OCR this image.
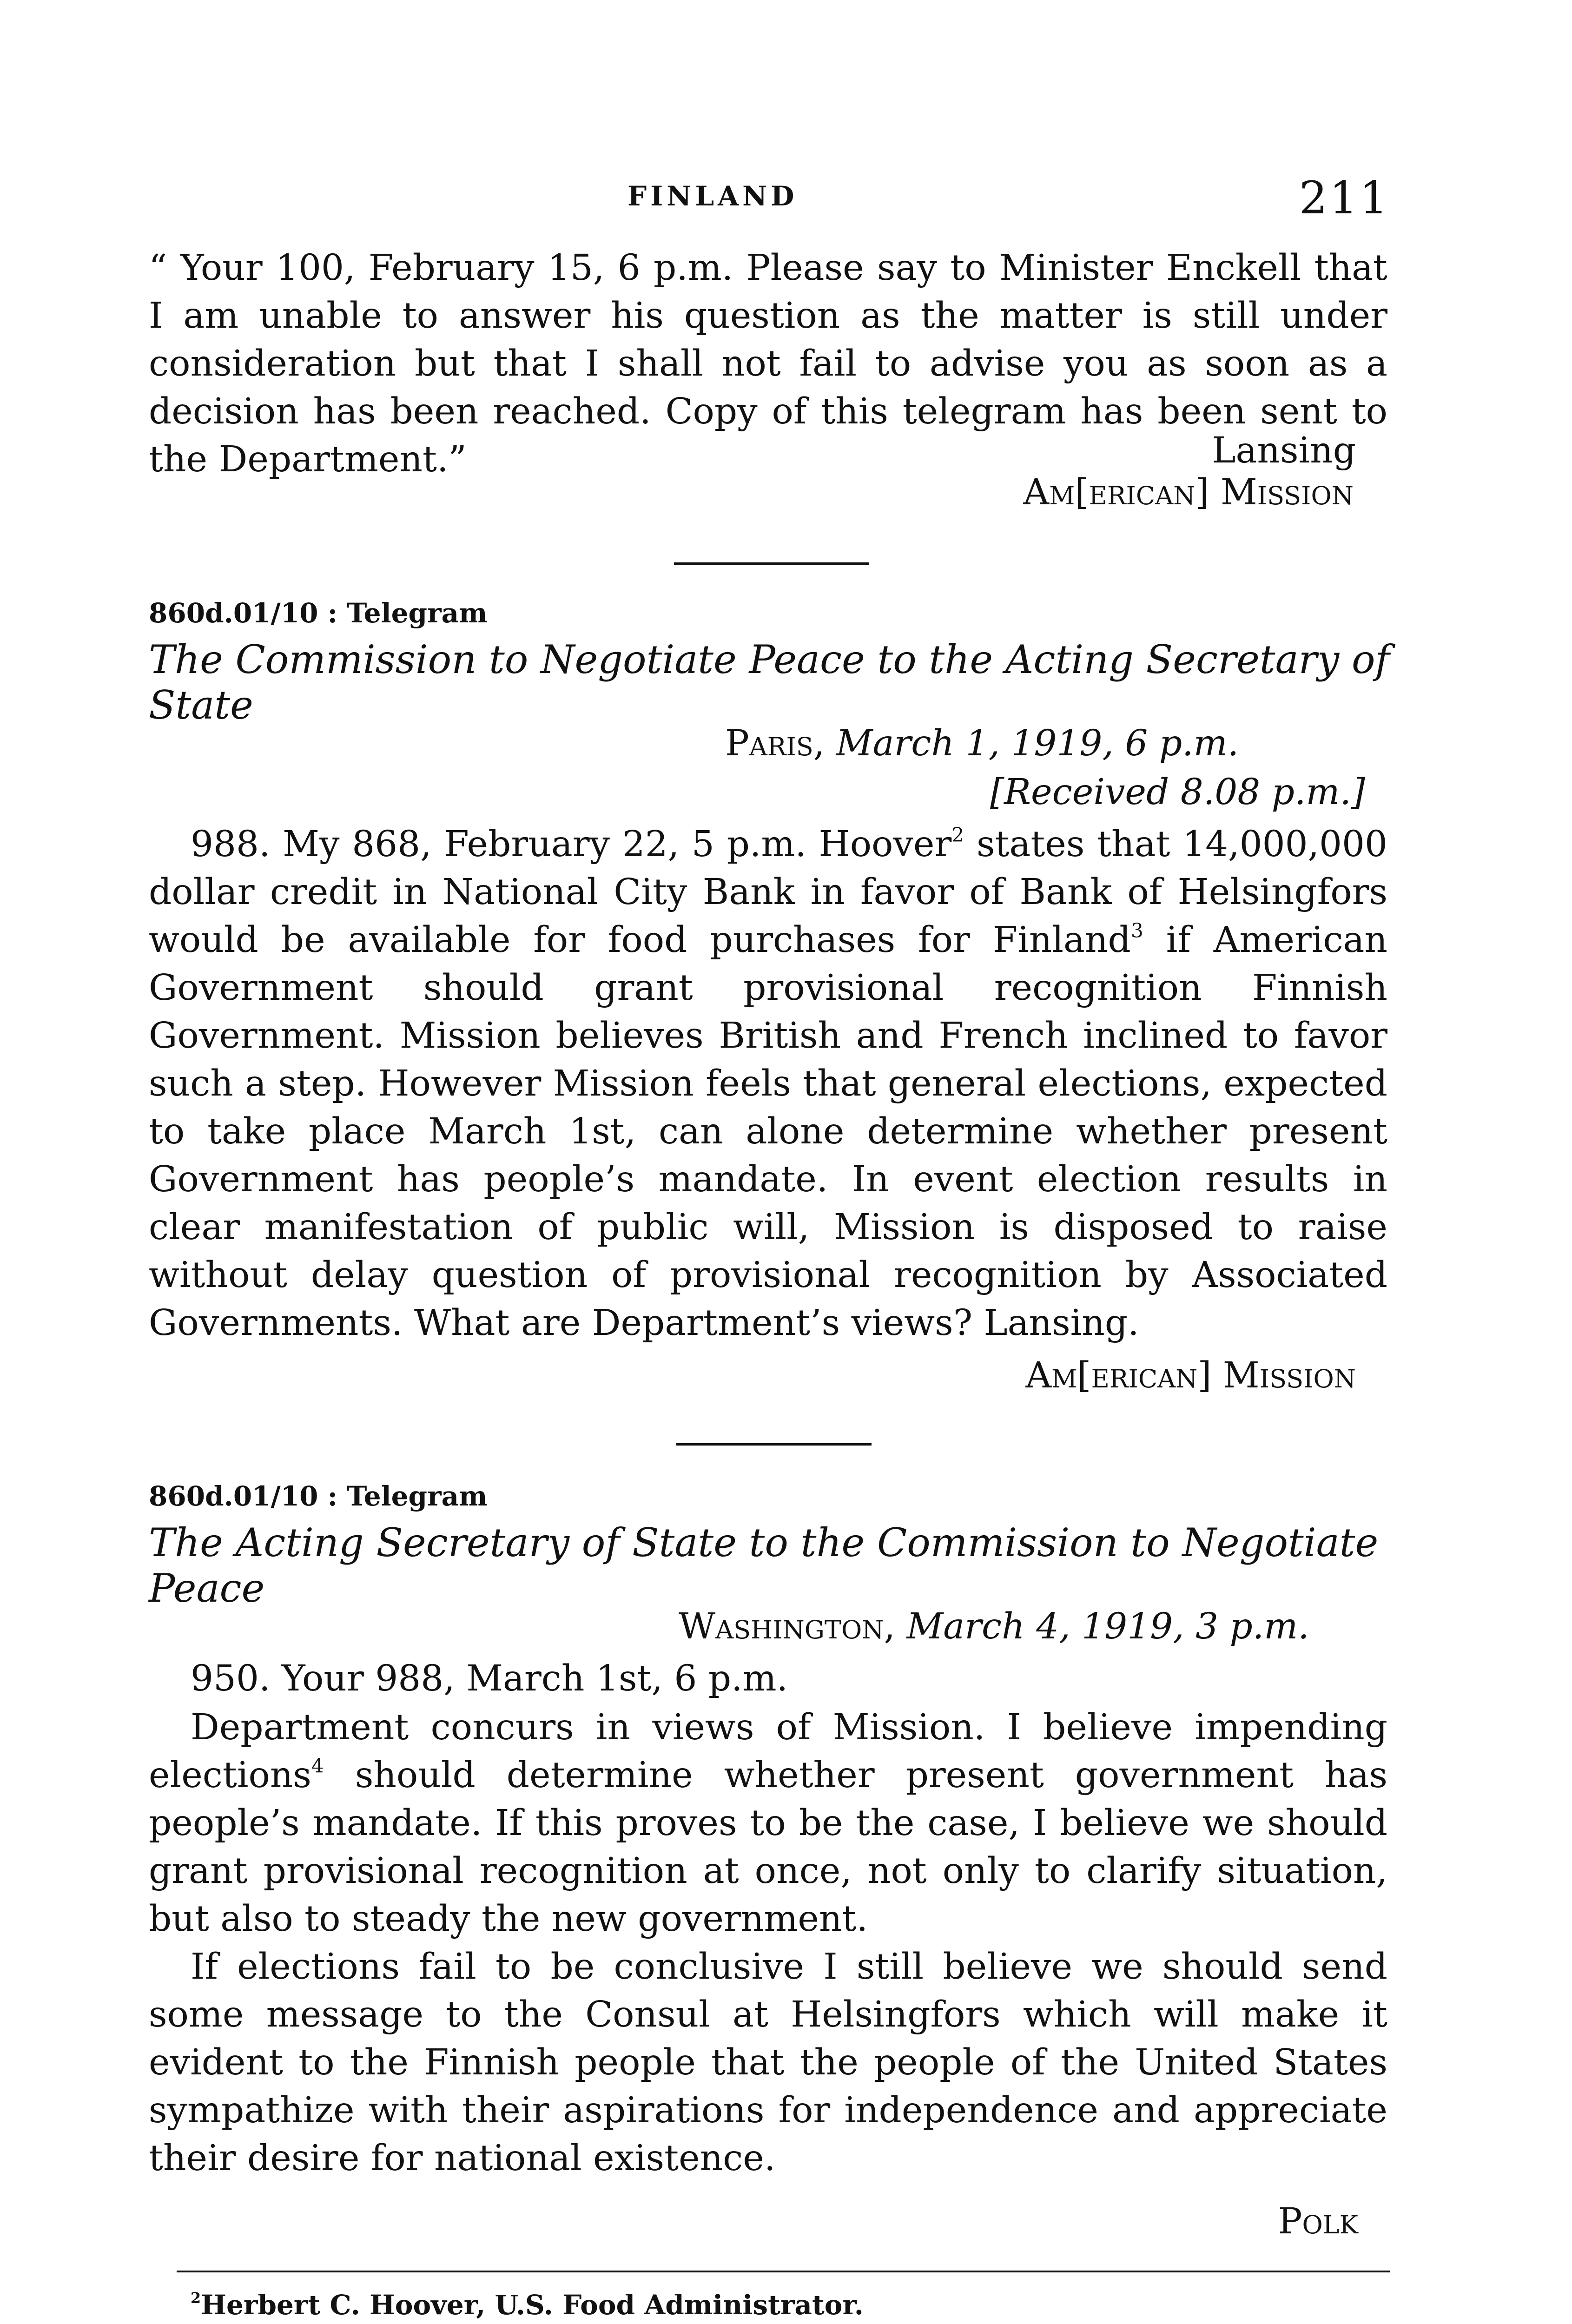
FINLAND	211

“ Your 100, February 15, 6 p.m. Please say to Minister Enckell that I am unable to answer his question as the matter is still under consideration but that I shall not fail to advise you as soon as a decision has been reached. Copy of this telegram has been sent to the Department.”	Lansing
Am[erican] Mission
860d.01/10 : Telegram
The Commission to Negotiate Peace to the Acting Secretary of State
Paris, March 1, 1919, 6 p.m.
[Received 8.08 p.m.]

988. My 868, February 22, 5 p.m. Hoover$^2$ states that 14,000,000 dollar credit in National City Bank in favor of Bank of Helsingfors would be available for food purchases for Finland$^3$ if American Government should grant provisional recognition Finnish Government. Mission believes British and French inclined to favor such a step. However Mission feels that general elections, expected to take place March 1st, can alone determine whether present Government has people’s mandate. In event election results in clear manifestation of public will, Mission is disposed to raise without delay question of provisional recognition by Associated Governments. What are Department’s views? Lansing.

Am[erican] Mission
860d.01/10 : Telegram
The Acting Secretary of State to the Commission to Negotiate Peace
Washington, March 4, 1919, 3 p.m.
950. Your 988, March 1st, 6 p.m.

Department concurs in views of Mission. I believe impending elections$^4$ should determine whether present government has people’s mandate. If this proves to be the case, I believe we should grant provisional recognition at once, not only to clarify situation, but also to steady the new government.

If elections fail to be conclusive I still believe we should send some message to the Consul at Helsingfors which will make it evident to the Finnish people that the people of the United States sympathize with their aspirations for independence and appreciate their desire for national existence.

Polk
$^2$Herbert C. Hoover, U.S. Food Administrator.
